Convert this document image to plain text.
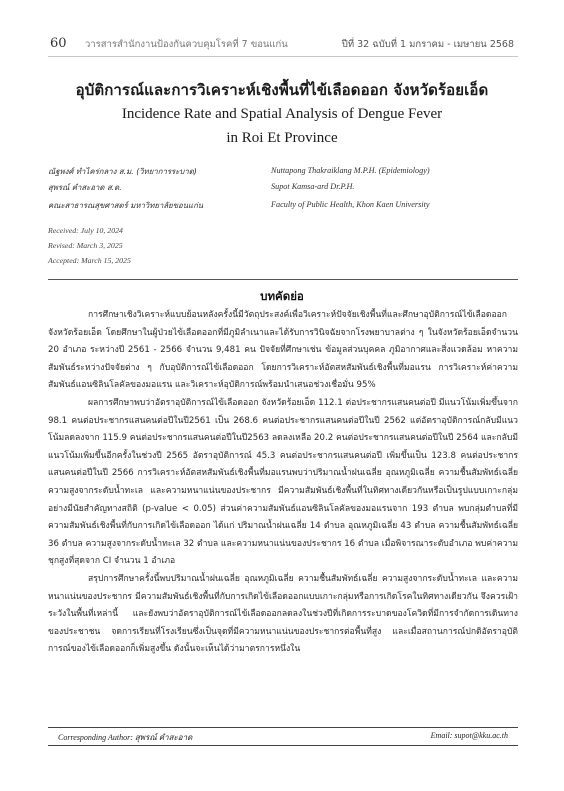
60 วารสารสำนักงานป้องกันควบคุมโรคที่ 7 ขอนแก่น	ปีที่ 32 ฉบับที่ 1 มกราคม - เมษายน 2568
อุบัติการณ์และการวิเคราะห์เชิงพื้นที่ไข้เลือดออก จังหวัดร้อยเอ็ด
Incidence Rate and Spatial Analysis of Dengue Fever
in Roi Et Province
ณัฐพงศ์ ทำไคร่กลาง ส.ม. (วิทยาการระบาด)
สุพรณ์ คำสะอาด ส.ด.
คณะสาธารณสุขศาสตร์ มหาวิทยาลัยขอนแก่น
Nuttapong Thakraiklang M.P.H. (Epidemiology)
Supot Kamsa-ard Dr.P.H.
Faculty of Public Health, Khon Kaen University
Received: July 10, 2024
Revised: March 3, 2025
Accepted: March 15, 2025
บทคัดย่อ

การศึกษาเชิงวิเคราะห์แบบย้อนหลังครั้งนี้มีวัตถุประสงค์เพื่อวิเคราะห์ปัจจัยเชิงพื้นที่และศึกษาอุบัติการณ์ไข้เลือดออก จังหวัดร้อยเอ็ด โดยศึกษาในผู้ป่วยไข้เลือดออกที่มีภูมิลำเนาและได้รับการวินิจฉัยจากโรงพยาบาลต่าง ๆ ในจังหวัดร้อยเอ็ดจำนวน 20 อำเภอ ระหว่างปี 2561 - 2566 จำนวน 9,481 คน ปัจจัยที่ศึกษาเช่น ข้อมูลส่วนบุคคล ภูมิอากาศและสิ่งแวดล้อม หาความสัมพันธ์ระหว่างปัจจัยต่าง ๆ กับอุบัติการณ์ไข้เลือดออก โดยการวิเคราะห์อัตสหสัมพันธ์เชิงพื้นที่มอแรน การวิเคราะห์ค่าความสัมพันธ์แอนซิลินโลคัลของมอแรน และวิเคราะห์อุบัติการณ์พร้อมนำเสนอช่วงเชื่อมั่น 95%

ผลการศึกษาพบว่าอัตราอุบัติการณ์ไข้เลือดออก จังหวัดร้อยเอ็ด 112.1 ต่อประชากรแสนคนต่อปี มีแนวโน้มเพิ่มขึ้นจาก 98.1 คนต่อประชากรแสนคนต่อปีในปี2561 เป็น 268.6 คนต่อประชากรแสนคนต่อปีในปี 2562 แต่อัตราอุบัติการณ์กลับมีแนวโน้มลดลงจาก 115.9 คนต่อประชากรแสนคนต่อปีในปี2563 ลดลงเหลือ 20.2 คนต่อประชากรแสนคนต่อปีในปี 2564 และกลับมีแนวโน้มเพิ่มขึ้นอีกครั้งในช่วงปี 2565 อัตราอุบัติการณ์ 45.3 คนต่อประชากรแสนคนต่อปี เพิ่มขึ้นเป็น 123.8 คนต่อประชากรแสนคนต่อปีในปี 2566 การวิเคราะห์อัตสหสัมพันธ์เชิงพื้นที่มอแรนพบว่าปริมาณน้ำฝนเฉลี่ย อุณหภูมิเฉลี่ย ความชื้นสัมพัทธ์เฉลี่ย ความสูงจากระดับน้ำทะเล และความหนาแน่นของประชากร มีความสัมพันธ์เชิงพื้นที่ในทิศทางเดียวกันหรือเป็นรูปแบบเกาะกลุ่มอย่างมีนัยสำคัญทางสถิติ (p-value < 0.05) ส่วนค่าความสัมพันธ์แอนซิลินโลคัลของมอแรนจาก 193 ตำบล พบกลุ่มตำบลที่มีความสัมพันธ์เชิงพื้นที่กับการเกิดไข้เลือดออก ได้แก่ ปริมาณน้ำฝนเฉลี่ย 14 ตำบล อุณหภูมิเฉลี่ย 43 ตำบล ความชื้นสัมพัทธ์เฉลี่ย 36 ตำบล ความสูงจากระดับน้ำทะเล 32 ตำบล และความหนาแน่นของประชากร 16 ตำบล เมื่อพิจารณาระดับอำเภอ พบค่าความชุกสูงที่สุดจาก CI จำนวน 1 อำเภอ

สรุปการศึกษาครั้งนี้พบปริมาณน้ำฝนเฉลี่ย อุณหภูมิเฉลี่ย ความชื้นสัมพัทธ์เฉลี่ย ความสูงจากระดับน้ำทะเล และความหนาแน่นของประชากร มีความสัมพันธ์เชิงพื้นที่กับการเกิดไข้เลือดออกแบบเกาะกลุ่มหรือการเกิดโรคในทิศทางเดียวกัน จึงควรเฝ้าระวังในพื้นที่เหล่านี้ และยังพบว่าอัตราอุบัติการณ์ไข้เลือดออกลดลงในช่วงปีที่เกิดการระบาดของโควิดที่มีการจำกัดการเดินทางของประชาชน จดการเรียนที่โรงเรียนซึ่งเป็นจุดที่มีความหนาแน่นของประชากรต่อพื้นที่สูง และเมื่อสถานการณ์ปกติอัตราอุบัติการณ์ของไข้เลือดออกก็เพิ่มสูงขึ้น ดังนั้นจะเห็นได้ว่ามาตรการหนึ่งใน

Corresponding Author: สุพรณ์ คำสะอาด	Email: supot@kku.ac.th
